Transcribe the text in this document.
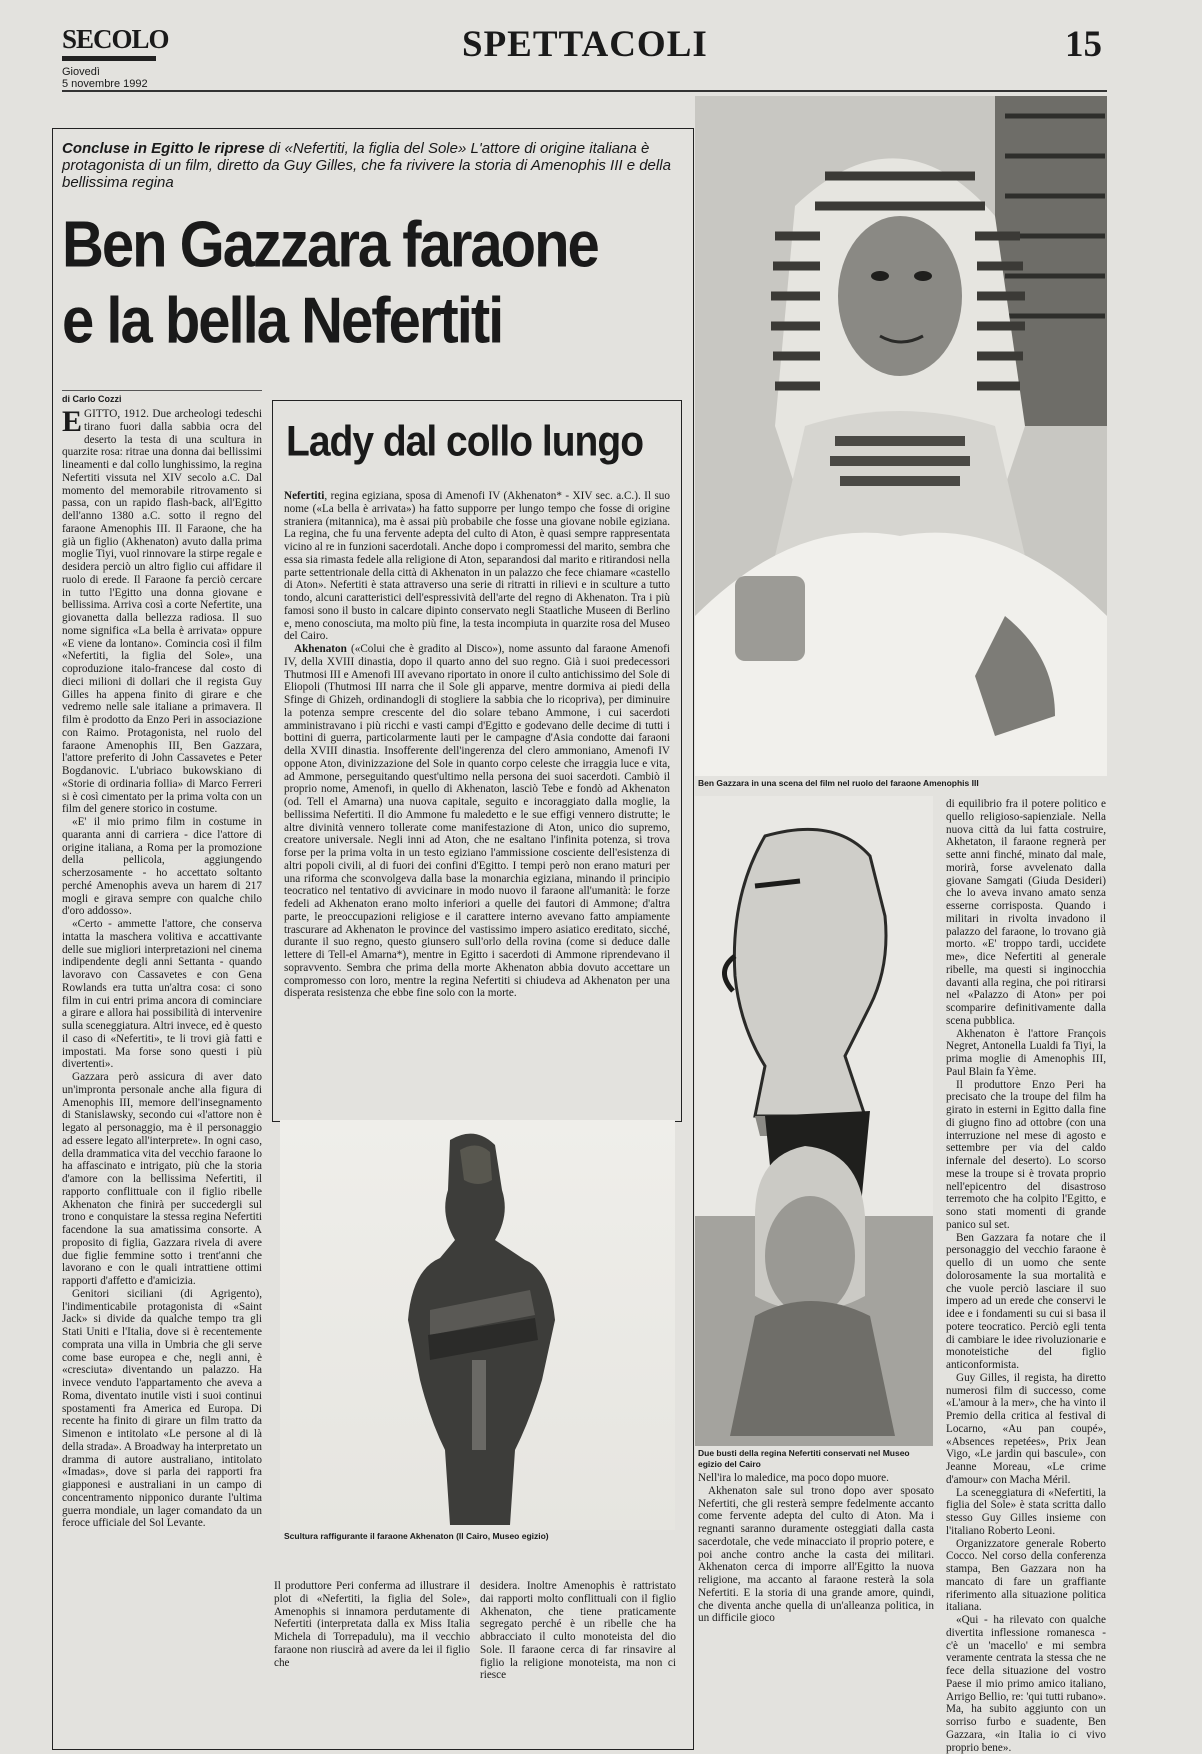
SECOLO
Giovedì
5 novembre 1992
SPETTACOLI	15
Concluse in Egitto le riprese di «Nefertiti, la figlia del Sole» L'attore di origine italiana è protagonista di un film, diretto da Guy Gilles, che fa rivivere la storia di Amenophis III e della bellissima regina
Ben Gazzara faraone
e la bella Nefertiti
di Carlo Cozzi

EGITTO, 1912. Due archeologi tedeschi tirano fuori dalla sabbia ocra del deserto la testa di una scultura in quarzite rosa: ritrae una donna dai bellissimi lineamenti e dal collo lunghissimo, la regina Nefertiti vissuta nel XIV secolo a.C. Dal momento del memorabile ritrovamento si passa, con un rapido flash-back, all'Egitto dell'anno 1380 a.C. sotto il regno del faraone Amenophis III. Il Faraone, che ha già un figlio (Akhenaton) avuto dalla prima moglie Tiyi, vuol rinnovare la stirpe regale e desidera perciò un altro figlio cui affidare il ruolo di erede. Il Faraone fa perciò cercare in tutto l'Egitto una donna giovane e bellissima. Arriva così a corte Nefertite, una giovanetta dalla bellezza radiosa. Il suo nome significa «La bella è arrivata» oppure «E viene da lontano». Comincia così il film «Nefertiti, la figlia del Sole», una coproduzione italo-francese dal costo di dieci milioni di dollari che il regista Guy Gilles ha appena finito di girare e che vedremo nelle sale italiane a primavera. Il film è prodotto da Enzo Peri in associazione con Raimo. Protagonista, nel ruolo del faraone Amenophis III, Ben Gazzara, l'attore preferito di John Cassavetes e Peter Bogdanovic. L'ubriaco bukowskiano di «Storie di ordinaria follia» di Marco Ferreri si è così cimentato per la prima volta con un film del genere storico in costume.

«E' il mio primo film in costume in quaranta anni di carriera - dice l'attore di origine italiana, a Roma per la promozione della pellicola, aggiungendo scherzosamente - ho accettato soltanto perché Amenophis aveva un harem di 217 mogli e girava sempre con qualche chilo d'oro addosso».

«Certo - ammette l'attore, che conserva intatta la maschera volitiva e accattivante delle sue migliori interpretazioni nel cinema indipendente degli anni Settanta - quando lavoravo con Cassavetes e con Gena Rowlands era tutta un'altra cosa: ci sono film in cui entri prima ancora di cominciare a girare e allora hai possibilità di intervenire sulla sceneggiatura. Altri invece, ed è questo il caso di «Nefertiti», te li trovi già fatti e impostati. Ma forse sono questi i più divertenti».

Gazzara però assicura di aver dato un'impronta personale anche alla figura di Amenophis III, memore dell'insegnamento di Stanislawsky, secondo cui «l'attore non è legato al personaggio, ma è il personaggio ad essere legato all'interprete». In ogni caso, della drammatica vita del vecchio faraone lo ha affascinato e intrigato, più che la storia d'amore con la bellissima Nefertiti, il rapporto conflittuale con il figlio ribelle Akhenaton che finirà per succedergli sul trono e conquistare la stessa regina Nefertiti facendone la sua amatissima consorte. A proposito di figlia, Gazzara rivela di avere due figlie femmine sotto i trent'anni che lavorano e con le quali intrattiene ottimi rapporti d'affetto e d'amicizia.

Genitori siciliani (di Agrigento), l'indimenticabile protagonista di «Saint Jack» si divide da qualche tempo tra gli Stati Uniti e l'Italia, dove si è recentemente comprata una villa in Umbria che gli serve come base europea e che, negli anni, è «cresciuta» diventando un palazzo. Ha invece venduto l'appartamento che aveva a Roma, diventato inutile visti i suoi continui spostamenti fra America ed Europa. Di recente ha finito di girare un film tratto da Simenon e intitolato «Le persone al di là della strada». A Broadway ha interpretato un dramma di autore australiano, intitolato «Imadas», dove si parla dei rapporti fra giapponesi e australiani in un campo di concentramento nipponico durante l'ultima guerra mondiale, un lager comandato da un feroce ufficiale del Sol Levante.

Lady dal collo lungo

Nefertiti, regina egiziana, sposa di Amenofi IV (Akhenaton* - XIV sec. a.C.). Il suo nome («La bella è arrivata») ha fatto supporre per lungo tempo che fosse di origine straniera (mitannica), ma è assai più probabile che fosse una giovane nobile egiziana. La regina, che fu una fervente adepta del culto di Aton, è quasi sempre rappresentata vicino al re in funzioni sacerdotali. Anche dopo i compromessi del marito, sembra che essa sia rimasta fedele alla religione di Aton, separandosi dal marito e ritirandosi nella parte settentrionale della città di Akhenaton in un palazzo che fece chiamare «castello di Aton». Nefertiti è stata attraverso una serie di ritratti in rilievi e in sculture a tutto tondo, alcuni caratteristici dell'espressività dell'arte del regno di Akhenaton. Tra i più famosi sono il busto in calcare dipinto conservato negli Staatliche Museen di Berlino e, meno conosciuta, ma molto più fine, la testa incompiuta in quarzite rosa del Museo del Cairo.

Akhenaton («Colui che è gradito al Disco»), nome assunto dal faraone Amenofi IV, della XVIII dinastia, dopo il quarto anno del suo regno. Già i suoi predecessori Thutmosi III e Amenofi III avevano riportato in onore il culto antichissimo del Sole di Eliopoli (Thutmosi III narra che il Sole gli apparve, mentre dormiva ai piedi della Sfinge di Ghizeh, ordinandogli di stogliere la sabbia che lo ricopriva), per diminuire la potenza sempre crescente del dio solare tebano Ammone, i cui sacerdoti amministravano i più ricchi e vasti campi d'Egitto e godevano delle decime di tutti i bottini di guerra, particolarmente lauti per le campagne d'Asia condotte dai faraoni della XVIII dinastia. Insofferente dell'ingerenza del clero ammoniano, Amenofi IV oppone Aton, divinizzazione del Sole in quanto corpo celeste che irraggia luce e vita, ad Ammone, perseguitando quest'ultimo nella persona dei suoi sacerdoti. Cambiò il proprio nome, Amenofi, in quello di Akhenaton, lasciò Tebe e fondò ad Akhenaton (od. Tell el Amarna) una nuova capitale, seguito e incoraggiato dalla moglie, la bellissima Nefertiti. Il dio Ammone fu maledetto e le sue effigi vennero distrutte; le altre divinità vennero tollerate come manifestazione di Aton, unico dio supremo, creatore universale. Negli inni ad Aton, che ne esaltano l'infinita potenza, si trova forse per la prima volta in un testo egiziano l'ammissione cosciente dell'esistenza di altri popoli civili, al di fuori dei confini d'Egitto. I tempi però non erano maturi per una riforma che sconvolgeva dalla base la monarchia egiziana, minando il principio teocratico nel tentativo di avvicinare in modo nuovo il faraone all'umanità: le forze fedeli ad Akhenaton erano molto inferiori a quelle dei fautori di Ammone; d'altra parte, le preoccupazioni religiose e il carattere interno avevano fatto ampiamente trascurare ad Akhenaton le province del vastissimo impero asiatico ereditato, sicché, durante il suo regno, questo giunsero sull'orlo della rovina (come si deduce dalle lettere di Tell-el Amarna*), mentre in Egitto i sacerdoti di Ammone riprendevano il sopravvento. Sembra che prima della morte Akhenaton abbia dovuto accettare un compromesso con loro, mentre la regina Nefertiti si chiudeva ad Akhenaton per una disperata resistenza che ebbe fine solo con la morte.

Scultura raffigurante il faraone Akhenaton (Il Cairo, Museo egizio)

Il produttore Peri conferma ad illustrare il plot di «Nefertiti, la figlia del Sole», Amenophis si innamora perdutamente di Nefertiti (interpretata dalla ex Miss Italia Michela di Torrepadulu), ma il vecchio faraone non riuscirà ad avere da lei il figlio che

desidera. Inoltre Amenophis è rattristato dai rapporti molto conflittuali con il figlio Akhenaton, che tiene praticamente segregato perché è un ribelle che ha abbracciato il culto monoteista del dio Sole. Il faraone cerca di far rinsavire al figlio la religione monoteista, ma non ci riesce

Ben Gazzara in una scena del film nel ruolo del faraone Amenophis III
Due busti della regina Nefertiti conservati nel Museo egizio del Cairo

di equilibrio fra il potere politico e quello religioso-sapienziale. Nella nuova città da lui fatta costruire, Akhetaton, il faraone regnerà per sette anni finché, minato dal male, morirà, forse avvelenato dalla giovane Samgati (Giuda Desideri) che lo aveva invano amato senza esserne corrisposta. Quando i militari in rivolta invadono il palazzo del faraone, lo trovano già morto. «E' troppo tardi, uccidete me», dice Nefertiti al generale ribelle, ma questi si inginocchia davanti alla regina, che poi ritirarsi nel «Palazzo di Aton» per poi scomparire definitivamente dalla scena pubblica.

Akhenaton è l'attore François Negret, Antonella Lualdi fa Tiyi, la prima moglie di Amenophis III, Paul Blain fa Yème.

Il produttore Enzo Peri ha precisato che la troupe del film ha girato in esterni in Egitto dalla fine di giugno fino ad ottobre (con una interruzione nel mese di agosto e settembre per via del caldo infernale del deserto). Lo scorso mese la troupe si è trovata proprio nell'epicentro del disastroso terremoto che ha colpito l'Egitto, e sono stati momenti di grande panico sul set.

Ben Gazzara fa notare che il personaggio del vecchio faraone è quello di un uomo che sente dolorosamente la sua mortalità e che vuole perciò lasciare il suo impero ad un erede che conservi le idee e i fondamenti su cui si basa il potere teocratico. Perciò egli tenta di cambiare le idee rivoluzionarie e monoteistiche del figlio anticonformista.

Guy Gilles, il regista, ha diretto numerosi film di successo, come «L'amour à la mer», che ha vinto il Premio della critica al festival di Locarno, «Au pan coupé», «Absences repetées», Prix Jean Vigo, «Le jardin qui bascule», con Jeanne Moreau, «Le crime d'amour» con Macha Méril.

La sceneggiatura di «Nefertiti, la figlia del Sole» è stata scritta dallo stesso Guy Gilles insieme con l'italiano Roberto Leoni.

Organizzatore generale Roberto Cocco. Nel corso della conferenza stampa, Ben Gazzara non ha mancato di fare un graffiante riferimento alla situazione politica italiana.

«Qui - ha rilevato con qualche divertita inflessione romanesca - c'è un 'macello' e mi sembra veramente centrata la stessa che ne fece della situazione del vostro Paese il mio primo amico italiano, Arrigo Bellio, re: 'qui tutti rubano». Ma, ha subito aggiunto con un sorriso furbo e suadente, Ben Gazzara, «in Italia io ci vivo proprio bene».

Nell'ira lo maledice, ma poco dopo muore.

Akhenaton sale sul trono dopo aver sposato Nefertiti, che gli resterà sempre fedelmente accanto come fervente adepta del culto di Aton. Ma i regnanti saranno duramente osteggiati dalla casta sacerdotale, che vede minacciato il proprio potere, e poi anche contro anche la casta dei militari. Akhenaton cerca di imporre all'Egitto la nuova religione, ma accanto al faraone resterà la sola Nefertiti. E la storia di una grande amore, quindi, che diventa anche quella di un'alleanza politica, in un difficile gioco
